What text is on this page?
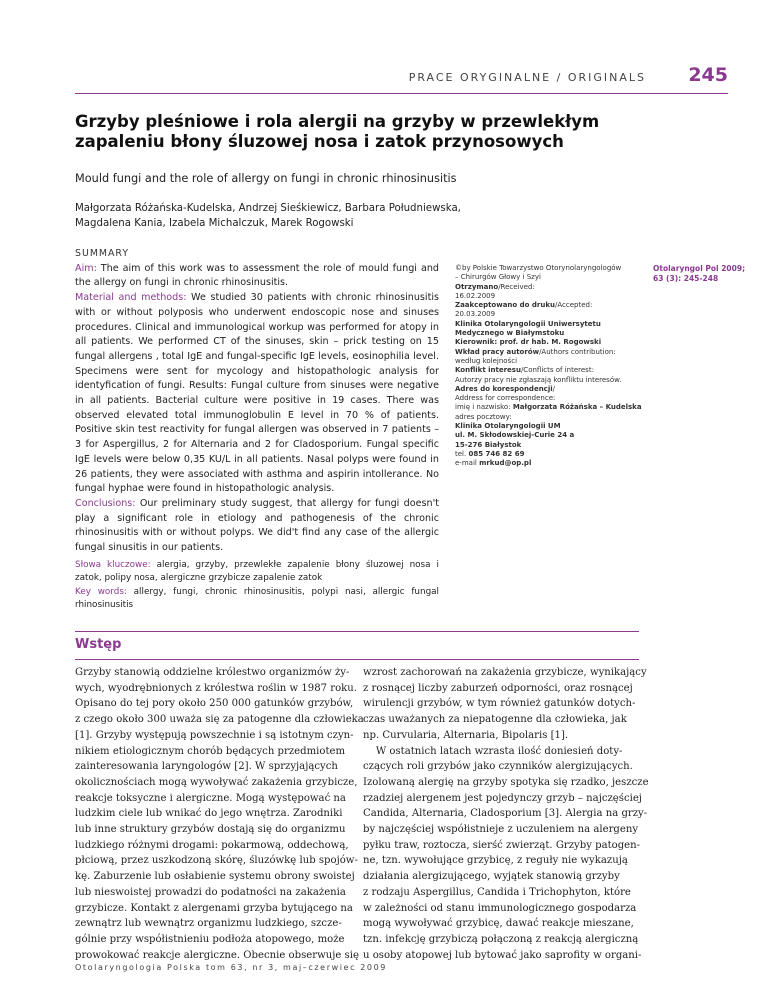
PRACE ORYGINALNE / ORIGINALS 245
Grzyby pleśniowe i rola alergii na grzyby w przewlekłym
zapaleniu błony śluzowej nosa i zatok przynosowych
Mould fungi and the role of allergy on fungi in chronic rhinosinusitis
Małgorzata Różańska-Kudelska, Andrzej Sieśkiewicz, Barbara Południewska,
Magdalena Kania, Izabela Michalczuk, Marek Rogowski
SUMMARY

Aim: The aim of this work was to assessment the role of mould fungi and the allergy on fungi in chronic rhinosinusitis.

Material and methods: We studied 30 patients with chronic rhinosinusitis with or without polyposis who underwent endoscopic nose and sinuses procedures. Clinical and immunological workup was performed for atopy in all patients. We performed CT of the sinuses, skin – prick testing on 15 fungal allergens , total IgE and fungal-specific IgE levels, eosinophilia level. Specimens were sent for mycology and histopathologic analysis for identyfication of fungi. Results: Fungal culture from sinuses were negative in all patients. Bacterial culture were positive in 19 cases. There was observed elevated total immunoglobulin E level in 70 % of patients. Positive skin test reactivity for fungal allergen was observed in 7 patients – 3 for Aspergillus, 2 for Alternaria and 2 for Cladosporium. Fungal specific IgE levels were below 0,35 KU/L in all patients. Nasal polyps were found in 26 patients, they were associated with asthma and aspirin intollerance. No fungal hyphae were found in histopathologic analysis.

Conclusions: Our preliminary study suggest, that allergy for fungi doesn't play a significant role in etiology and pathogenesis of the chronic rhinosinusitis with or without polyps. We did't find any case of the allergic fungal sinusitis in our patients.

Słowa kluczowe: alergia, grzyby, przewlekłe zapalenie błony śluzowej nosa i zatok, polipy nosa, alergiczne grzybicze zapalenie zatok

Key words: allergy, fungi, chronic rhinosinusitis, polypi nasi, allergic fungal rhinosinusitis

©by Polskie Towarzystwo Otorynolaryngologów
– Chirurgów Głowy i Szyi
Otrzymano/Received:
16.02.2009
Zaakceptowano do druku/Accepted:
20.03.2009
Klinika Otolaryngologii Uniwersytetu
Medycznego w Białymstoku
Kierownik: prof. dr hab. M. Rogowski
Wkład pracy autorów/Authors contribution:
według kolejności
Konflikt interesu/Conflicts of interest:
Autorzy pracy nie zgłaszają konfliktu interesów.
Adres do korespondencji/
Address for correspondence:
imię i nazwisko: Małgorzata Różańska – Kudelska
adres pocztowy:
Klinika Otolaryngologii UM
ul. M. Skłodowskiej-Curie 24 a
15-276 Białystok
tel. 085 746 82 69
e-mail mrkud@op.pl
Otolaryngol Pol 2009;
63 (3): 245-248
Wstęp
Grzyby stanowią oddzielne królestwo organizmów ży-
wych, wyodrębnionych z królestwa roślin w 1987 roku.
Opisano do tej pory około 250 000 gatunków grzybów,
z czego około 300 uważa się za patogenne dla człowieka
[1]. Grzyby występują powszechnie i są istotnym czyn-
nikiem etiologicznym chorób będących przedmiotem
zainteresowania laryngologów [2]. W sprzyjających
okolicznościach mogą wywoływać zakażenia grzybicze,
reakcje toksyczne i alergiczne. Mogą występować na
ludzkim ciele lub wnikać do jego wnętrza. Zarodniki
lub inne struktury grzybów dostają się do organizmu
ludzkiego różnymi drogami: pokarmową, oddechową,
płciową, przez uszkodzoną skórę, śluzówkę lub spojów-
kę. Zaburzenie lub osłabienie systemu obrony swoistej
lub nieswoistej prowadzi do podatności na zakażenia
grzybicze. Kontakt z alergenami grzyba bytującego na
zewnątrz lub wewnątrz organizmu ludzkiego, szcze-
gólnie przy współistnieniu podłoża atopowego, może
prowokować reakcje alergiczne. Obecnie obserwuje się
wzrost zachorowań na zakażenia grzybicze, wynikający
z rosnącej liczby zaburzeń odporności, oraz rosnącej
wirulencji grzybów, w tym również gatunków dotych-
czas uważanych za niepatogenne dla człowieka, jak
np. Curvularia, Alternaria, Bipolaris [1].
W ostatnich latach wzrasta ilość doniesień doty-
czących roli grzybów jako czynników alergizujących.
Izolowaną alergię na grzyby spotyka się rzadko, jeszcze
rzadziej alergenem jest pojedynczy grzyb – najczęściej
Candida, Alternaria, Cladosporium [3]. Alergia na grzy-
by najczęściej współistnieje z uczuleniem na alergeny
pyłku traw, roztocza, sierść zwierząt. Grzyby patogen-
ne, tzn. wywołujące grzybicę, z reguły nie wykazują
działania alergizującego, wyjątek stanowią grzyby
z rodzaju Aspergillus, Candida i Trichophyton, które
w zależności od stanu immunologicznego gospodarza
mogą wywoływać grzybicę, dawać reakcje mieszane,
tzn. infekcję grzybiczą połączoną z reakcją alergiczną
u osoby atopowej lub bytować jako saprofity w organi-
Otolaryngologia Polska tom 63, nr 3, maj–czerwiec 2009
